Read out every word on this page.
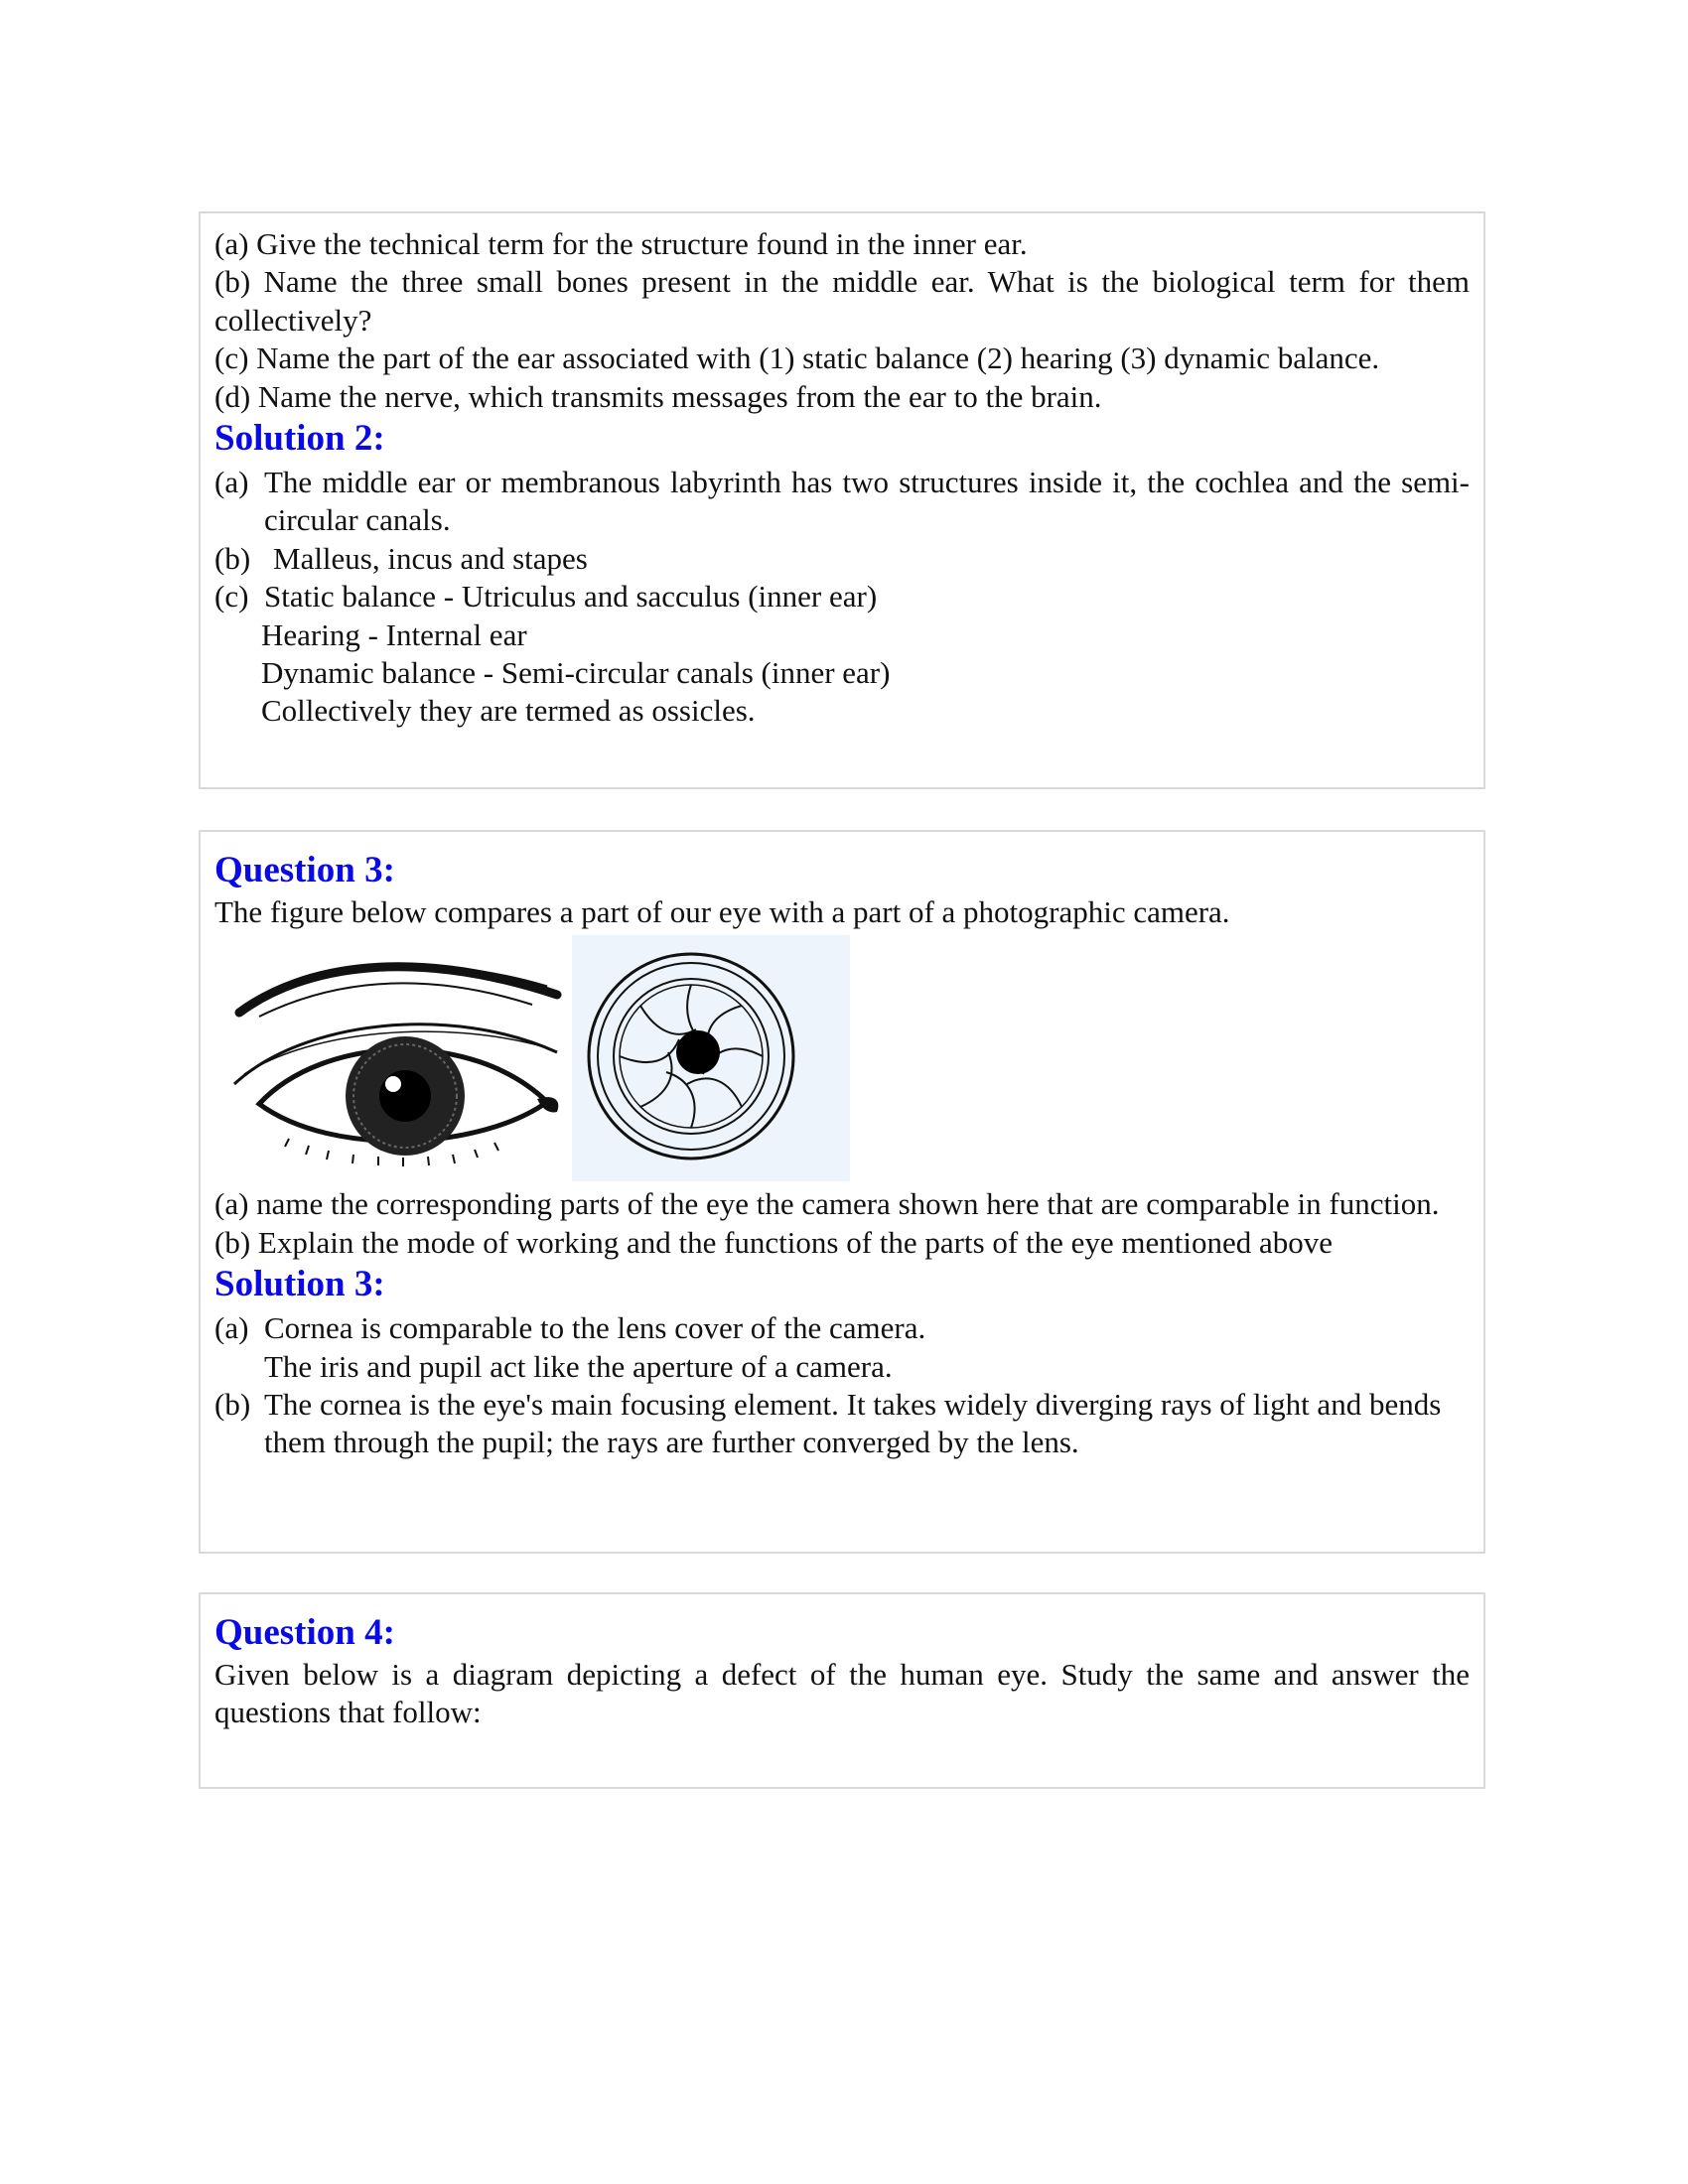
(a) Give the technical term for the structure found in the inner ear.

(b) Name the three small bones present in the middle ear. What is the biological term for them collectively?

(c) Name the part of the ear associated with (1) static balance (2) hearing (3) dynamic balance.

(d) Name the nerve, which transmits messages from the ear to the brain.

Solution 2:

(a) The middle ear or membranous labyrinth has two structures inside it, the cochlea and the semi-circular canals.
(b) Malleus, incus and stapes
(c) Static balance - Utriculus and sacculus (inner ear)
Hearing - Internal ear
Dynamic balance - Semi-circular canals (inner ear)
Collectively they are termed as ossicles.

Question 3:

The figure below compares a part of our eye with a part of a photographic camera.

(a) name the corresponding parts of the eye the camera shown here that are comparable in function.

(b) Explain the mode of working and the functions of the parts of the eye mentioned above

Solution 3:

(a) Cornea is comparable to the lens cover of the camera.
The iris and pupil act like the aperture of a camera.
(b) The cornea is the eye's main focusing element. It takes widely diverging rays of light and bends them through the pupil; the rays are further converged by the lens.

Question 4:

Given below is a diagram depicting a defect of the human eye. Study the same and answer the questions that follow:
